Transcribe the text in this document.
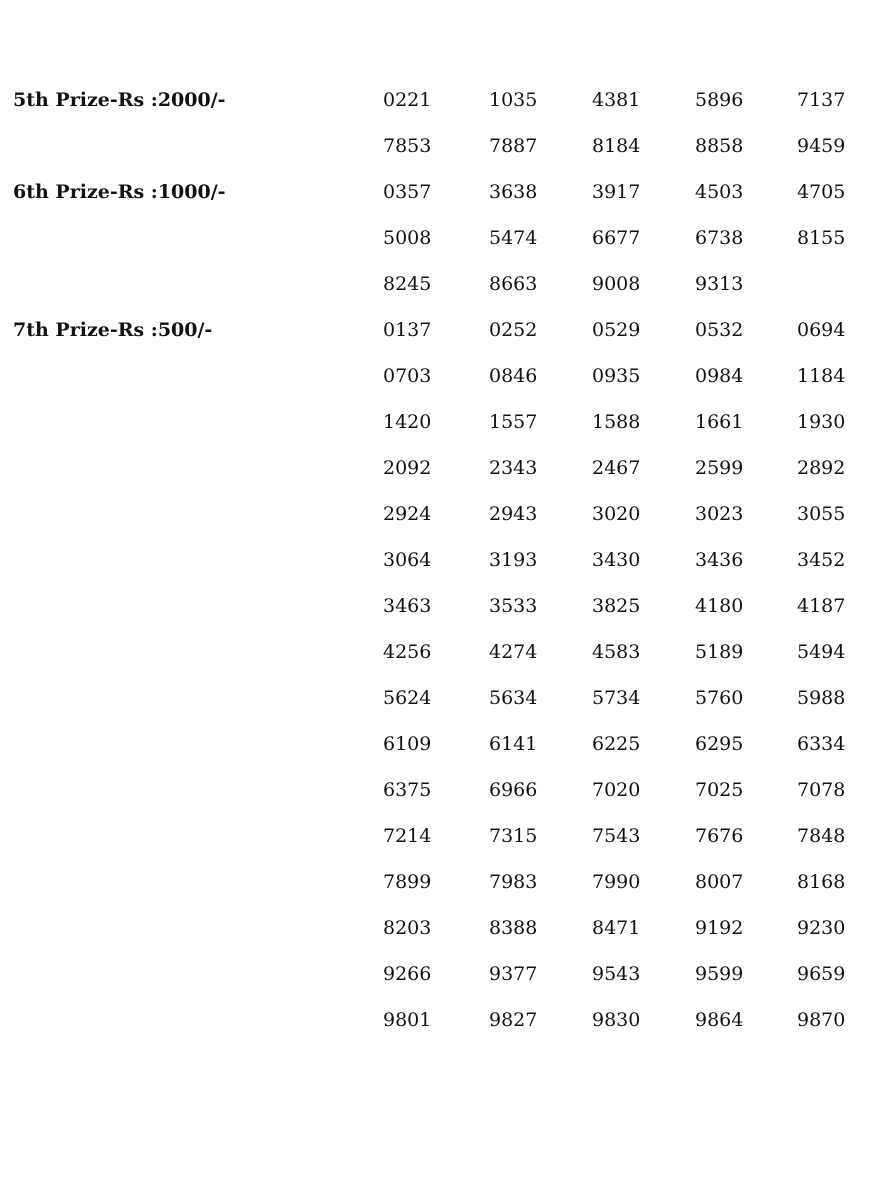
5th Prize-Rs :2000/-	0221	1035	4381	5896	7137
7853	7887	8184	8858	9459
6th Prize-Rs :1000/-	0357	3638	3917	4503	4705
5008	5474	6677	6738	8155
8245	8663	9008	9313
7th Prize-Rs :500/-	0137	0252	0529	0532	0694
0703	0846	0935	0984	1184
1420	1557	1588	1661	1930
2092	2343	2467	2599	2892
2924	2943	3020	3023	3055
3064	3193	3430	3436	3452
3463	3533	3825	4180	4187
4256	4274	4583	5189	5494
5624	5634	5734	5760	5988
6109	6141	6225	6295	6334
6375	6966	7020	7025	7078
7214	7315	7543	7676	7848
7899	7983	7990	8007	8168
8203	8388	8471	9192	9230
9266	9377	9543	9599	9659
9801	9827	9830	9864	9870
